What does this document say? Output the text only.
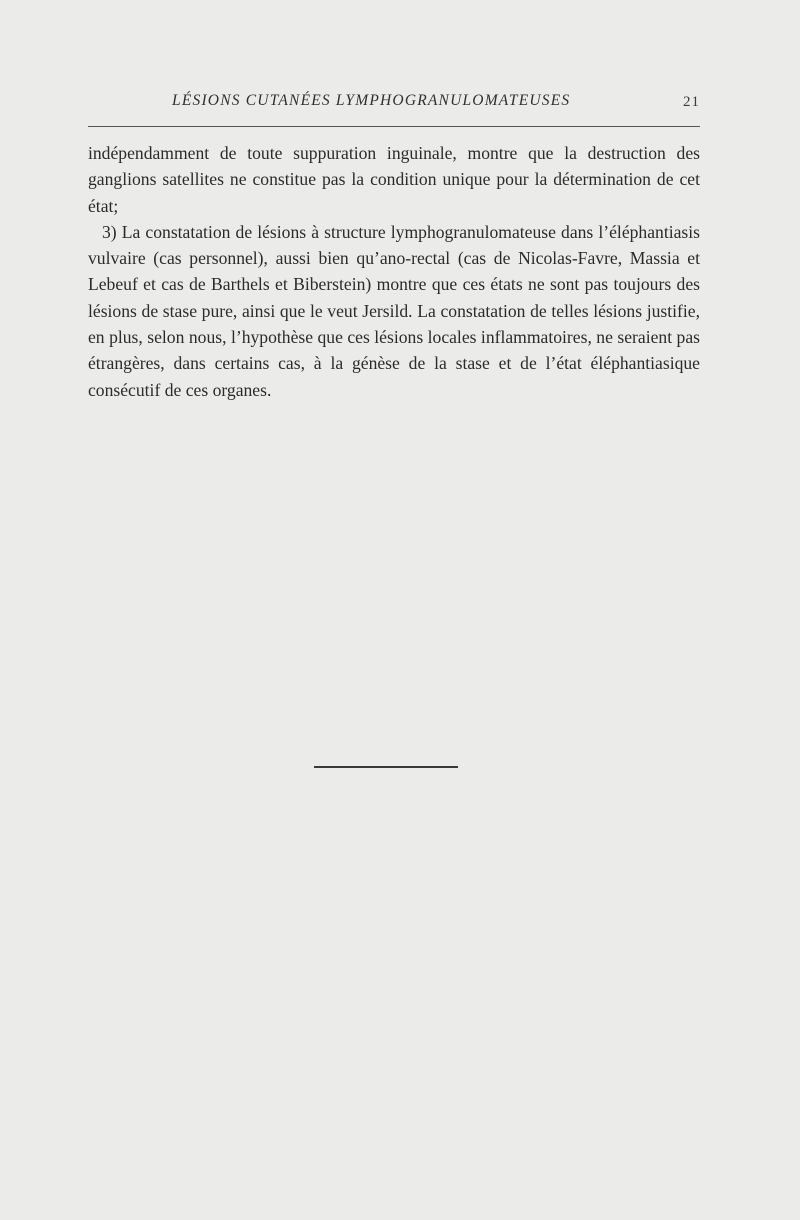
LÉSIONS CUTANÉES LYMPHOGRANULOMATEUSES	21

indépendamment de toute suppuration inguinale, montre que la destruction des ganglions satellites ne constitue pas la condition unique pour la détermination de cet état;

3) La constatation de lésions à structure lymphogranulomateuse dans l’éléphantiasis vulvaire (cas personnel), aussi bien qu’ano-rectal (cas de Nicolas-Favre, Massia et Lebeuf et cas de Barthels et Biberstein) montre que ces états ne sont pas toujours des lésions de stase pure, ainsi que le veut Jersild. La constatation de telles lésions justifie, en plus, selon nous, l’hypothèse que ces lésions locales inflammatoires, ne seraient pas étrangères, dans certains cas, à la génèse de la stase et de l’état éléphantiasique consécutif de ces organes.
